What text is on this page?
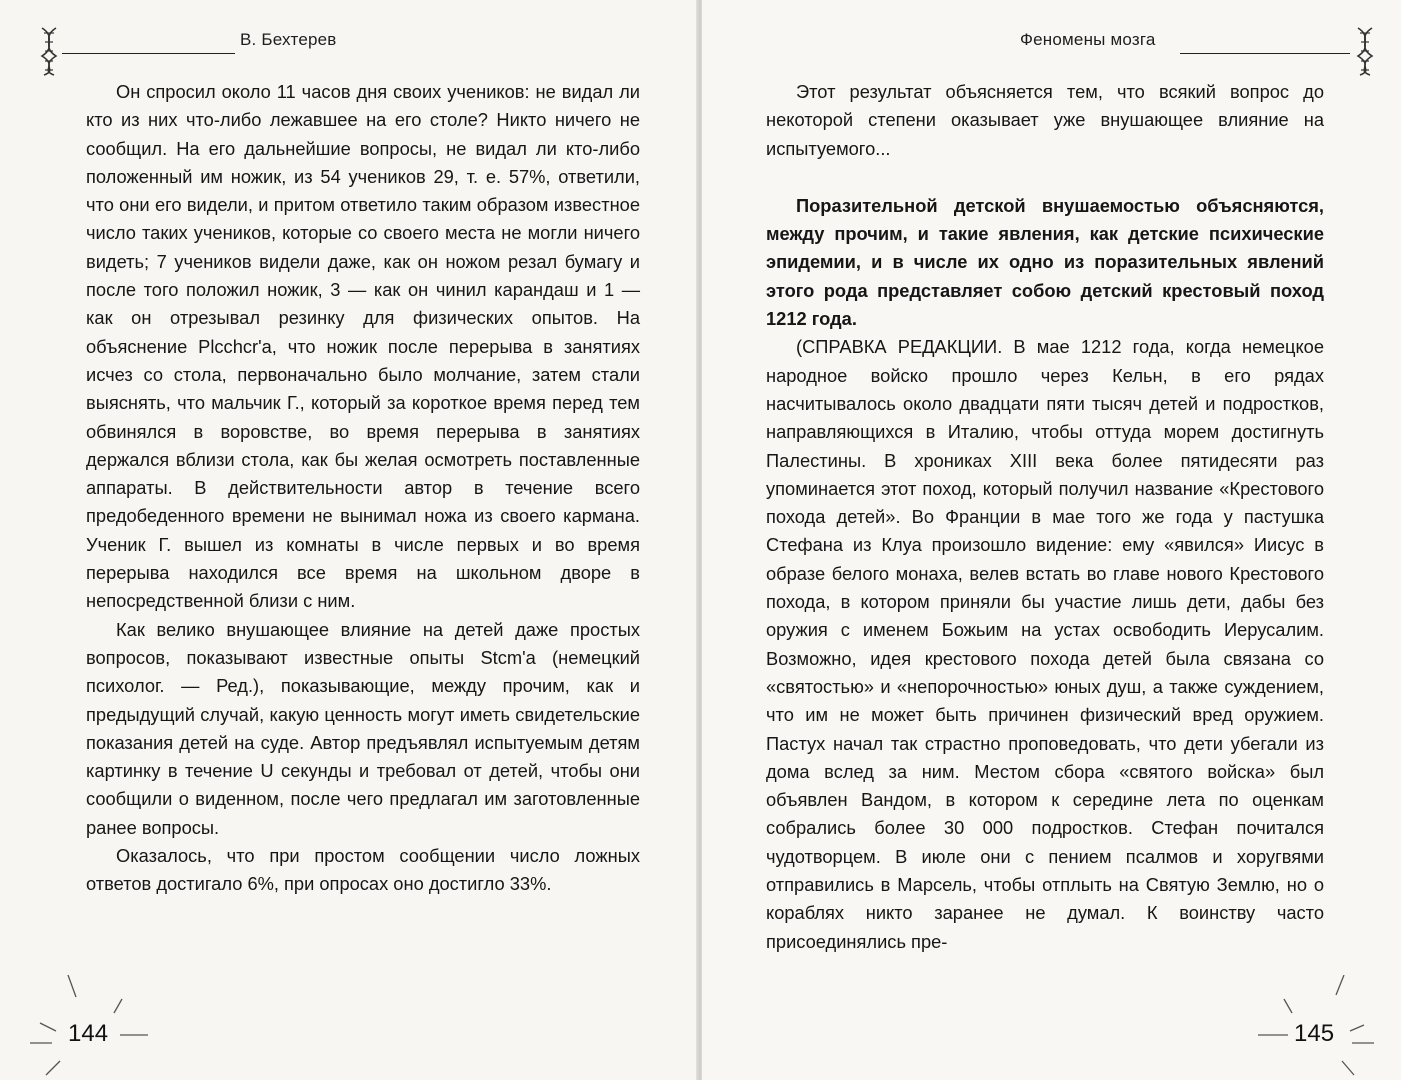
В. Бехтерев

Он спросил около 11 часов дня своих учеников: не видал ли кто из них что-либо лежавшее на его столе? Никто ничего не сообщил. На его дальнейшие вопросы, не видал ли кто-либо положенный им ножик, из 54 учеников 29, т. е. 57%, ответили, что они его видели, и притом ответило таким образом известное число таких учеников, которые со своего места не могли ничего видеть; 7 учеников видели даже, как он ножом резал бумагу и после того положил ножик, 3 — как он чинил карандаш и 1 — как он отрезывал резинку для физических опытов. На объяснение Plcchcr'a, что ножик после перерыва в занятиях исчез со стола, первоначально было молчание, затем стали выяснять, что мальчик Г., который за короткое время перед тем обвинялся в воровстве, во время перерыва в занятиях держался вблизи стола, как бы желая осмотреть поставленные аппараты. В действительности автор в течение всего предобеденного времени не вынимал ножа из своего кармана. Ученик Г. вышел из комнаты в числе первых и во время перерыва находился все время на школьном дворе в непосредственной близи с ним.

Как велико внушающее влияние на детей даже простых вопросов, показывают известные опыты Stcm'a (немецкий психолог. — Ред.), показывающие, между прочим, как и предыдущий случай, какую ценность могут иметь свидетельские показания детей на суде. Автор предъявлял испытуемым детям картинку в течение U секунды и требовал от детей, чтобы они сообщили о виденном, после чего предлагал им заготовленные ранее вопросы.

Оказалось, что при простом сообщении число ложных ответов достигало 6%, при опросах оно достигло 33%.

144
Феномены мозга

Этот результат объясняется тем, что всякий вопрос до некоторой степени оказывает уже внушающее влияние на испытуемого...

Поразительной детской внушаемостью объясняются, между прочим, и такие явления, как детские психические эпидемии, и в числе их одно из поразительных явлений этого рода представляет собою детский крестовый поход 1212 года.

(СПРАВКА РЕДАКЦИИ. В мае 1212 года, когда немецкое народное войско прошло через Кельн, в его рядах насчитывалось около двадцати пяти тысяч детей и подростков, направляющихся в Италию, чтобы оттуда морем достигнуть Палестины. В хрониках XIII века более пятидесяти раз упоминается этот поход, который получил название «Крестового похода детей». Во Франции в мае того же года у пастушка Стефана из Клуа произошло видение: ему «явился» Иисус в образе белого монаха, велев встать во главе нового Крестового похода, в котором приняли бы участие лишь дети, дабы без оружия с именем Божьим на устах освободить Иерусалим. Возможно, идея крестового похода детей была связана со «святостью» и «непорочностью» юных душ, а также суждением, что им не может быть причинен физический вред оружием. Пастух начал так страстно проповедовать, что дети убегали из дома вслед за ним. Местом сбора «святого войска» был объявлен Вандом, в котором к середине лета по оценкам собрались более 30 000 подростков. Стефан почитался чудотворцем. В июле они с пением псалмов и хоругвями отправились в Марсель, чтобы отплыть на Святую Землю, но о кораблях никто заранее не думал. К воинству часто присоединялись пре-

145
